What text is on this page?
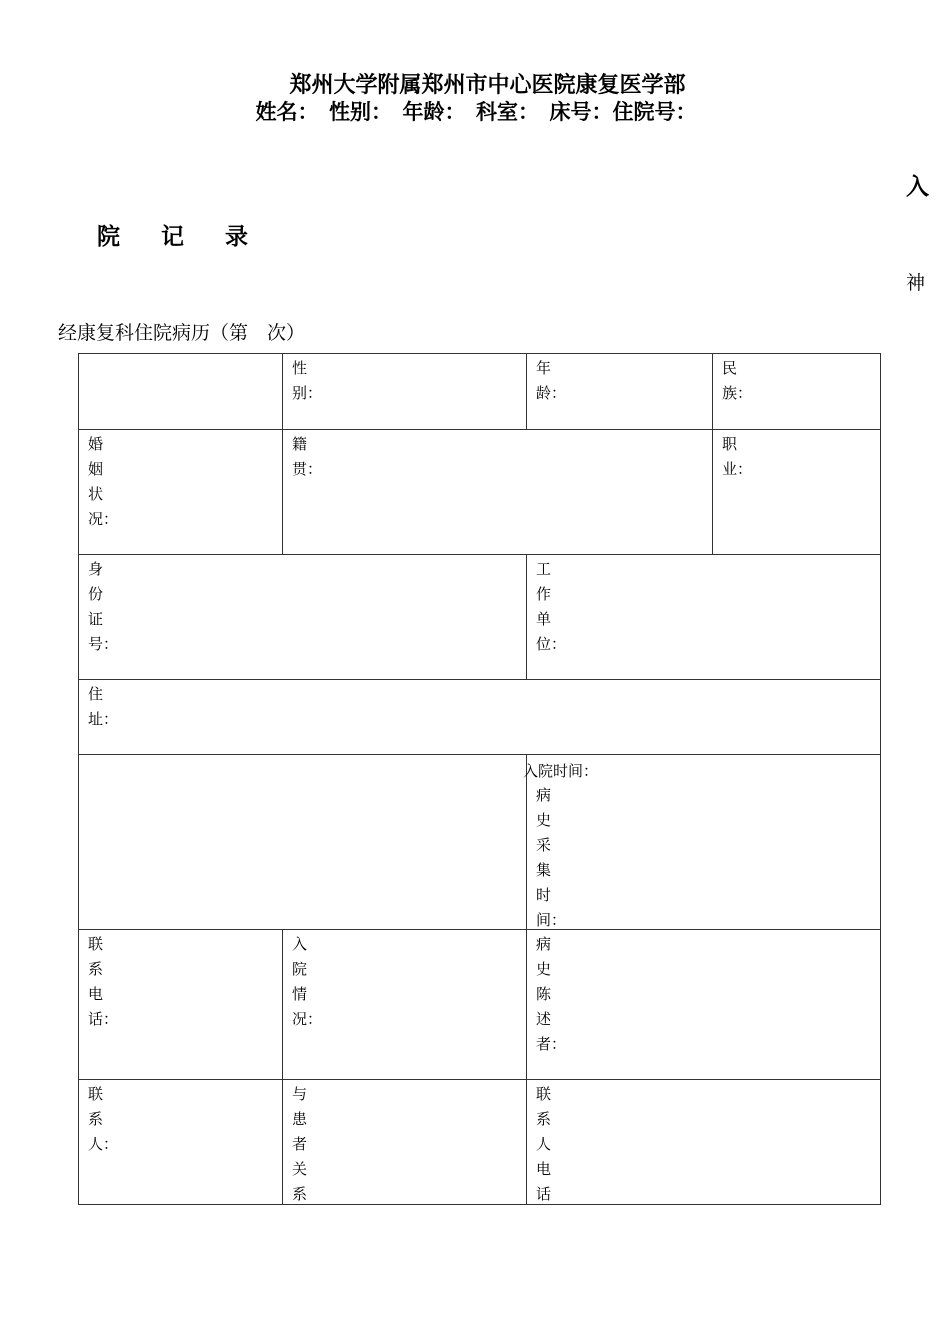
郑州大学附属郑州市中心医院康复医学部
姓名：　性别：　年龄：　科室：　床号：住院号：
入
院 记 录
神
经康复科住院病历（第　次）
性别：
年龄：
民族：
婚姻状况：
籍贯：
职业：
身份证号：
工作单位：
住址：
病史采集时间：
入院时间：
联系电话：
入院情况：
病史陈述者：
联系人：
与患者关系
联系人电话
